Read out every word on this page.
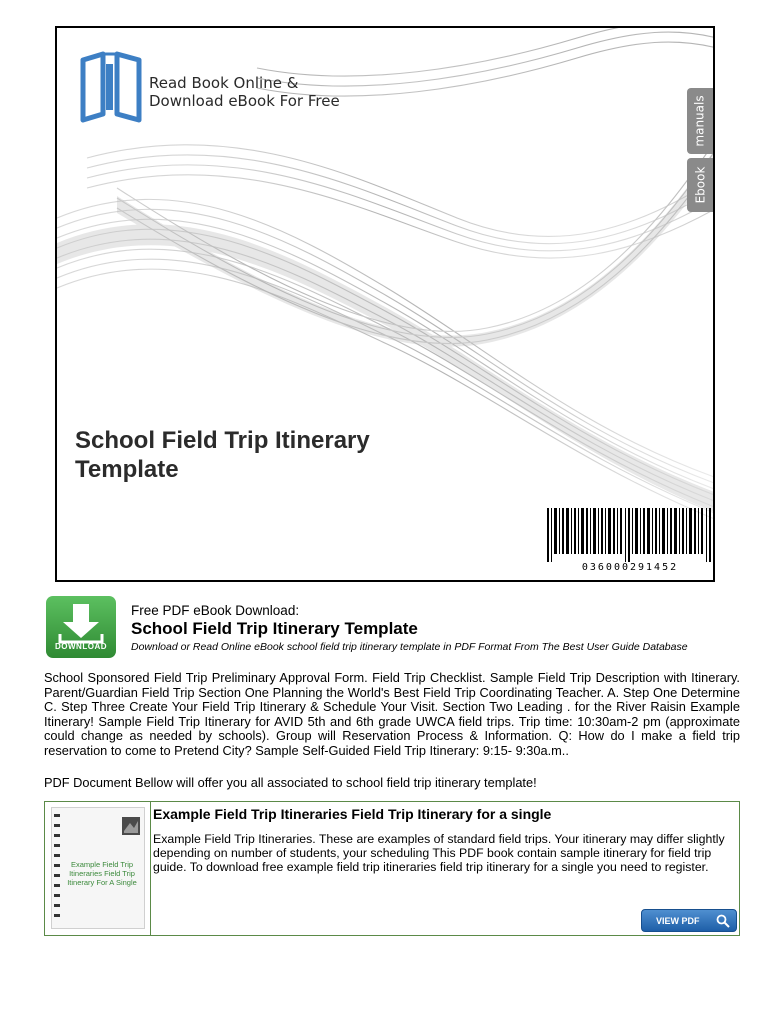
Read Book Online &
Download eBook For Free	manuals
Ebook
School Field Trip Itinerary Template
036000291452
DOWNLOAD
Free PDF eBook Download:
School Field Trip Itinerary Template
Download or Read Online eBook school field trip itinerary template in PDF Format From The Best User Guide Database
School Sponsored Field Trip Preliminary Approval Form. Field Trip Checklist. Sample Field Trip Description with Itinerary. Parent/Guardian Field Trip Section One Planning the World's Best Field Trip Coordinating Teacher. A. Step One Determine C. Step Three Create Your Field Trip Itinerary & Schedule Your Visit. Section Two Leading . for the River Raisin Example Itinerary! Sample Field Trip Itinerary for AVID 5th and 6th grade UWCA field trips. Trip time: 10:30am-2 pm (approximate could change as needed by schools). Group will Reservation Process & Information. Q: How do I make a field trip reservation to come to Pretend City? Sample Self-Guided Field Trip Itinerary: 9:15- 9:30a.m..
PDF Document Bellow will offer you all associated to school field trip itinerary template!
Example Field Trip Itineraries Field Trip Itinerary For A Single
Example Field Trip Itineraries Field Trip Itinerary for a single
Example Field Trip Itineraries. These are examples of standard field trips. Your itinerary may differ slightly depending on number of students, your scheduling This PDF book contain sample itinerary for field trip guide. To download free example field trip itineraries field trip itinerary for a single you need to register.
VIEW PDF
